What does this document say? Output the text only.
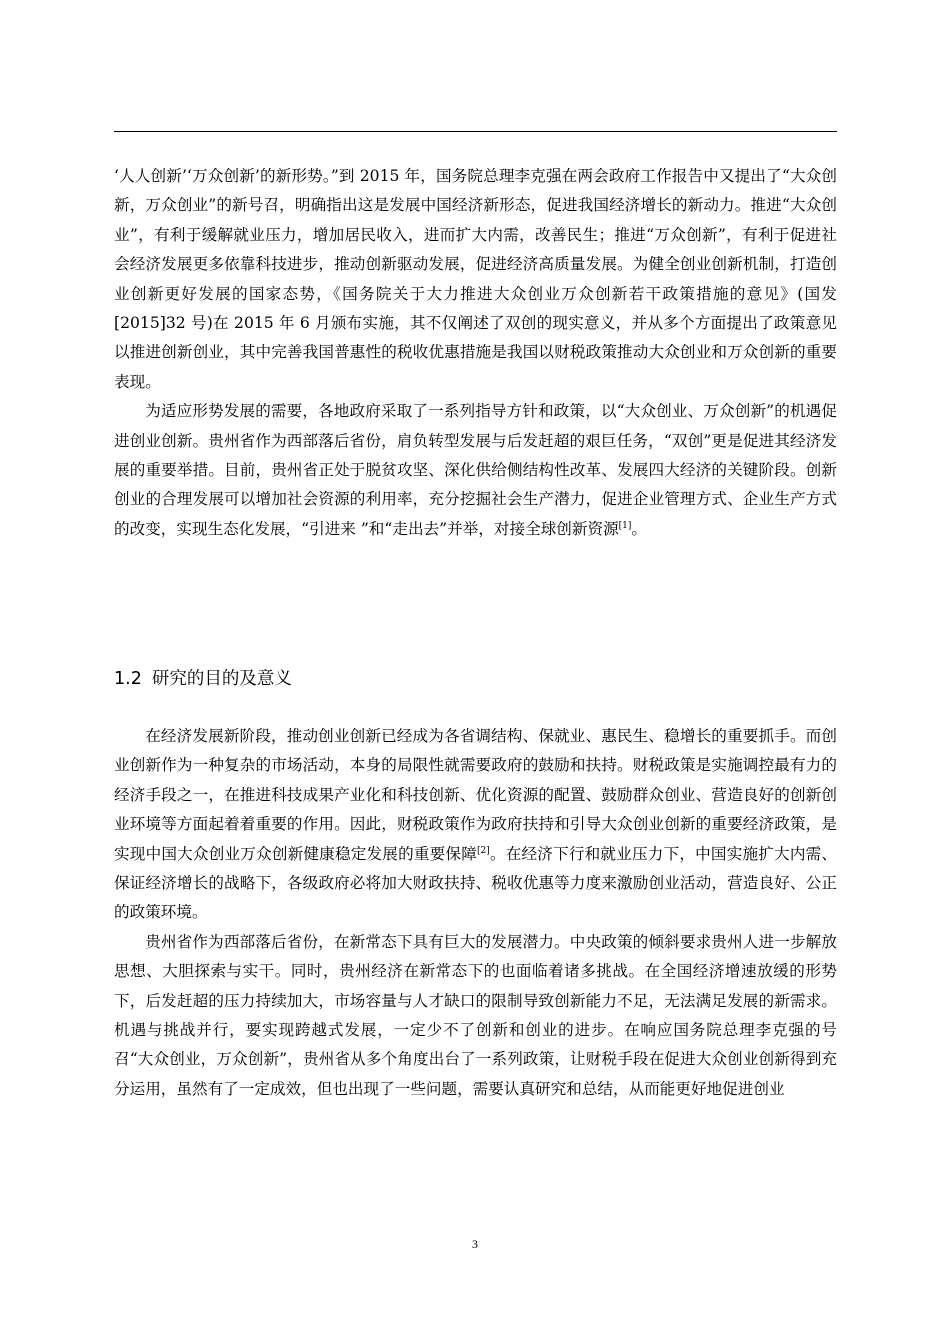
‘人人创新’‘万众创新’的新形势。”到 2015 年，国务院总理李克强在两会政府工作报告中又提出了“大众创新，万众创业”的新号召，明确指出这是发展中国经济新形态，促进我国经济增长的新动力。推进“大众创业”，有利于缓解就业压力，增加居民收入，进而扩大内需，改善民生；推进“万众创新”，有利于促进社会经济发展更多依靠科技进步，推动创新驱动发展，促进经济高质量发展。为健全创业创新机制，打造创业创新更好发展的国家态势，《国务院关于大力推进大众创业万众创新若干政策措施的意见》(国发[2015]32 号)在 2015 年 6 月颁布实施，其不仅阐述了双创的现实意义，并从多个方面提出了政策意见以推进创新创业，其中完善我国普惠性的税收优惠措施是我国以财税政策推动大众创业和万众创新的重要表现。

为适应形势发展的需要，各地政府采取了一系列指导方针和政策，以“大众创业、万众创新”的机遇促进创业创新。贵州省作为西部落后省份，肩负转型发展与后发赶超的艰巨任务，“双创”更是促进其经济发展的重要举措。目前，贵州省正处于脱贫攻坚、深化供给侧结构性改革、发展四大经济的关键阶段。创新创业的合理发展可以增加社会资源的利用率，充分挖掘社会生产潜力，促进企业管理方式、企业生产方式的改变，实现生态化发展，“引进来 ”和“走出去”并举，对接全球创新资源[1]。

1.2 研究的目的及意义

在经济发展新阶段，推动创业创新已经成为各省调结构、保就业、惠民生、稳增长的重要抓手。而创业创新作为一种复杂的市场活动，本身的局限性就需要政府的鼓励和扶持。财税政策是实施调控最有力的经济手段之一，在推进科技成果产业化和科技创新、优化资源的配置、鼓励群众创业、营造良好的创新创业环境等方面起着着重要的作用。因此，财税政策作为政府扶持和引导大众创业创新的重要经济政策，是实现中国大众创业万众创新健康稳定发展的重要保障[2]。在经济下行和就业压力下，中国实施扩大内需、保证经济增长的战略下，各级政府必将加大财政扶持、税收优惠等力度来激励创业活动，营造良好、公正的政策环境。

贵州省作为西部落后省份，在新常态下具有巨大的发展潜力。中央政策的倾斜要求贵州人进一步解放思想、大胆探索与实干。同时，贵州经济在新常态下的也面临着诸多挑战。在全国经济增速放缓的形势下，后发赶超的压力持续加大，市场容量与人才缺口的限制导致创新能力不足，无法满足发展的新需求。机遇与挑战并行，要实现跨越式发展，一定少不了创新和创业的进步。在响应国务院总理李克强的号召“大众创业，万众创新”，贵州省从多个角度出台了一系列政策，让财税手段在促进大众创业创新得到充分运用，虽然有了一定成效，但也出现了一些问题，需要认真研究和总结，从而能更好地促进创业

3
